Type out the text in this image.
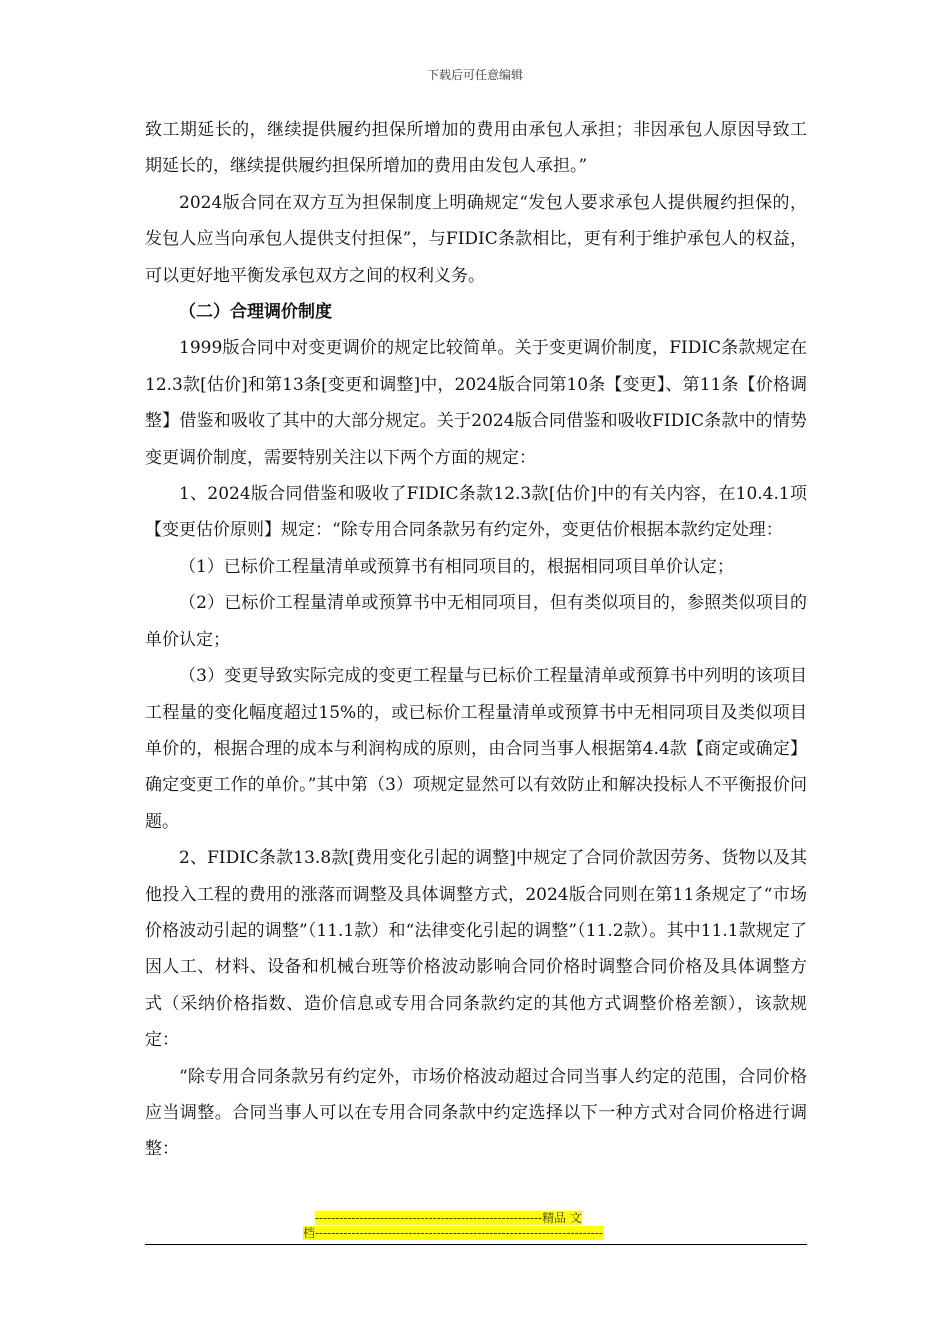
下载后可任意编辑

致工期延长的，继续提供履约担保所增加的费用由承包人承担；非因承包人原因导致工期延长的，继续提供履约担保所增加的费用由发包人承担。”

2024版合同在双方互为担保制度上明确规定“发包人要求承包人提供履约担保的，发包人应当向承包人提供支付担保”，与FIDIC条款相比，更有利于维护承包人的权益，可以更好地平衡发承包双方之间的权利义务。

（二）合理调价制度

1999版合同中对变更调价的规定比较简单。关于变更调价制度，FIDIC条款规定在12.3款[估价]和第13条[变更和调整]中，2024版合同第10条【变更】、第11条【价格调整】借鉴和吸收了其中的大部分规定。关于2024版合同借鉴和吸收FIDIC条款中的情势变更调价制度，需要特别关注以下两个方面的规定：

1、2024版合同借鉴和吸收了FIDIC条款12.3款[估价]中的有关内容，在10.4.1项【变更估价原则】规定：“除专用合同条款另有约定外，变更估价根据本款约定处理：

（1）已标价工程量清单或预算书有相同项目的，根据相同项目单价认定；

（2）已标价工程量清单或预算书中无相同项目，但有类似项目的，参照类似项目的单价认定；

（3）变更导致实际完成的变更工程量与已标价工程量清单或预算书中列明的该项目工程量的变化幅度超过15%的，或已标价工程量清单或预算书中无相同项目及类似项目单价的，根据合理的成本与利润构成的原则，由合同当事人根据第4.4款【商定或确定】确定变更工作的单价。”其中第（3）项规定显然可以有效防止和解决投标人不平衡报价问题。

2、FIDIC条款13.8款[费用变化引起的调整]中规定了合同价款因劳务、货物以及其他投入工程的费用的涨落而调整及具体调整方式，2024版合同则在第11条规定了“市场价格波动引起的调整”（11.1款）和“法律变化引起的调整”（11.2款）。其中11.1款规定了因人工、材料、设备和机械台班等价格波动影响合同价格时调整合同价格及具体调整方式（采纳价格指数、造价信息或专用合同条款约定的其他方式调整价格差额），该款规定：

“除专用合同条款另有约定外，市场价格波动超过合同当事人约定的范围，合同价格应当调整。合同当事人可以在专用合同条款中约定选择以下一种方式对合同价格进行调整：

--------------------------------------------------------精品 文
档-----------------------------------------------------------------------
